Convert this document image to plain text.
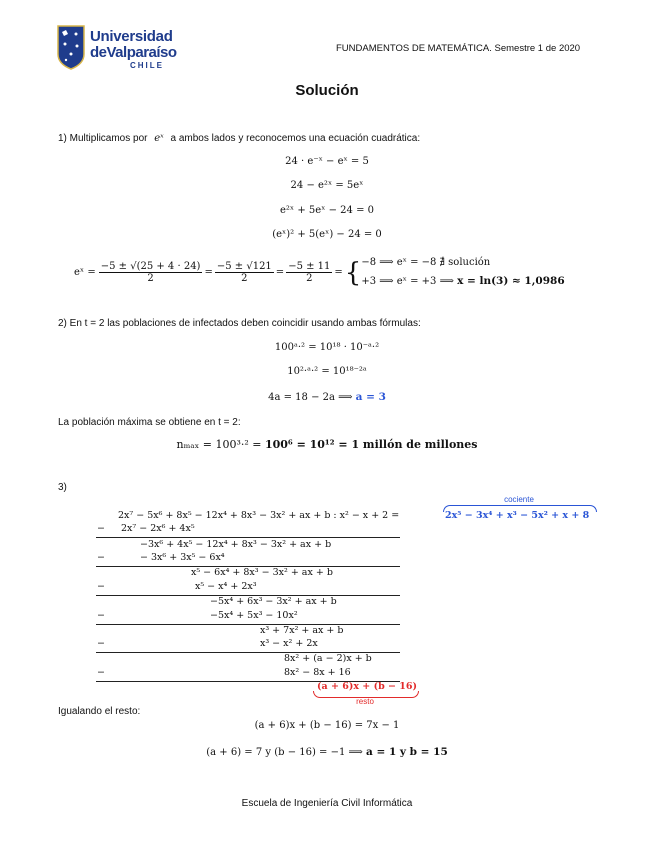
Universidad
deValparaíso
CHILE
FUNDAMENTOS DE MATEMÁTICA. Semestre 1 de 2020
Solución
1) Multiplicamos por eˣ a ambos lados y reconocemos una ecuación cuadrática:
24 · e⁻ˣ − eˣ = 5
24 − e²ˣ = 5eˣ
e²ˣ + 5eˣ − 24 = 0
(eˣ)² + 5(eˣ) − 24 = 0
eˣ = $\frac{-5 \pm √(25 + 4 \cdot 24)}{2} = \frac{-5 \pm √121}{2} = \frac{-5 \pm 11}{2}$ = { −8 ⟹ eˣ = −8 ∄ solución
+3 ⟹ eˣ = +3 ⟹ x = ln(3) ≈ 1,0986
2) En t = 2 las poblaciones de infectados deben coincidir usando ambas fórmulas:
100ᵃ·² = 10¹⁸ · 10⁻ᵃ·²
10²·ᵃ·² = 10¹⁸⁻²ᵃ
4a = 18 − 2a ⟹ a = 3
La población máxima se obtiene en t = 2:
nₘₐₓ = 100³·² = 100⁶ = 10¹² = 1 millón de millones
3)
cociente
2x⁷ − 5x⁶ + 8x⁵ − 12x⁴ + 8x³ − 3x² + ax + b : x² − x + 2 =	2x⁵ − 3x⁴ + x³ − 5x² + x + 8
− 2x⁷ − 2x⁶ + 4x⁵
−3x⁶ + 4x⁵ − 12x⁴ + 8x³ − 3x² + ax + b
−	− 3x⁶ + 3x⁵ − 6x⁴
x⁵ − 6x⁴ + 8x³ − 3x² + ax + b
−	x⁵ − x⁴ + 2x³
−5x⁴ + 6x³ − 3x² + ax + b
−	−5x⁴ + 5x³ − 10x²
x³ + 7x² + ax + b
−	x³ − x² + 2x
8x² + (a − 2)x + b
−	8x² − 8x + 16
(a + 6)x + (b − 16)
resto
Igualando el resto:
(a + 6)x + (b − 16) = 7x − 1
(a + 6) = 7 y (b − 16) = −1 ⟹ a = 1 y b = 15
Escuela de Ingeniería Civil Informática
